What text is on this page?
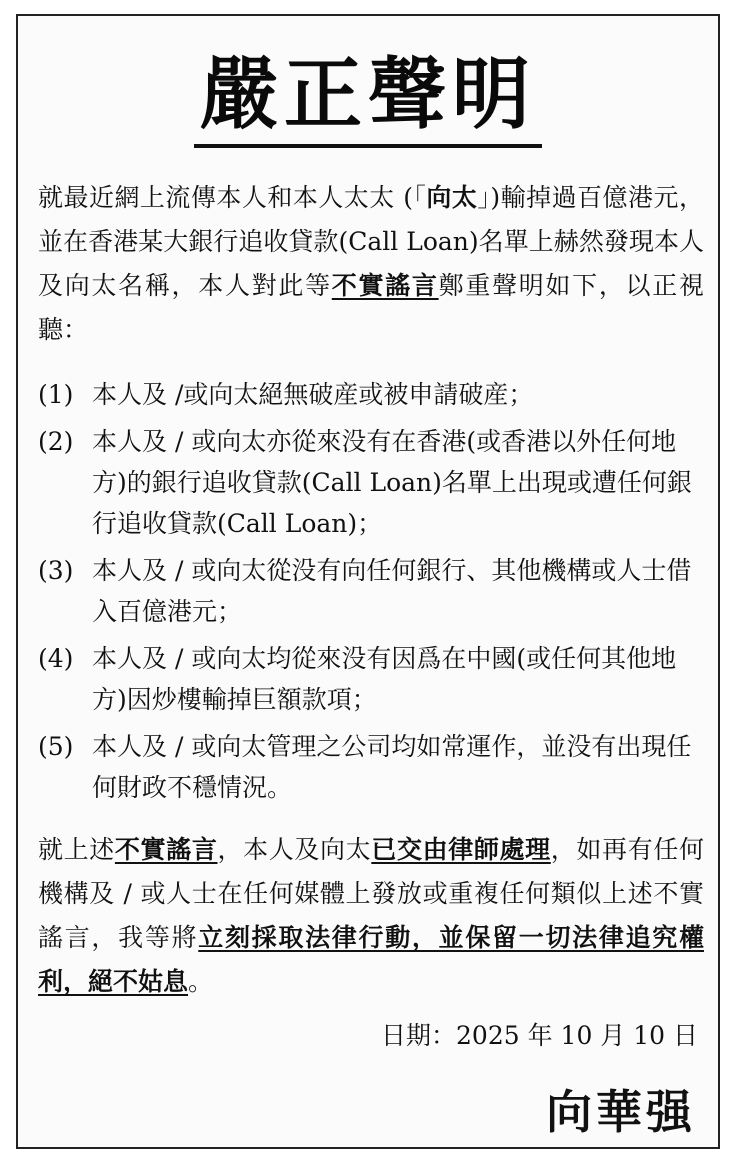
嚴正聲明
就最近網上流傳本人和本人太太 (「向太」)輸掉過百億港元，並在香港某大銀行追收貸款(Call Loan)名單上赫然發現本人及向太名稱，本人對此等不實謠言鄭重聲明如下，以正視聽：
(1) 本人及 /或向太絕無破産或被申請破産；
(2) 本人及 / 或向太亦從來没有在香港(或香港以外任何地方)的銀行追收貸款(Call Loan)名單上出現或遭任何銀 行追收貸款(Call Loan)；
(3) 本人及 / 或向太從没有向任何銀行、其他機構或人士借入百億港元；
(4) 本人及 / 或向太均從來没有因爲在中國(或任何其他地方)因炒樓輸掉巨額款項；
(5) 本人及 / 或向太管理之公司均如常運作，並没有出現任何財政不穩情況。
就上述不實謠言，本人及向太已交由律師處理，如再有任何機構及 / 或人士在任何媒體上發放或重複任何類似上述不實謠言，我等將立刻採取法律行動，並保留一切法律追究權利，絕不姑息。
日期：2025 年 10 月 10 日
向華强
